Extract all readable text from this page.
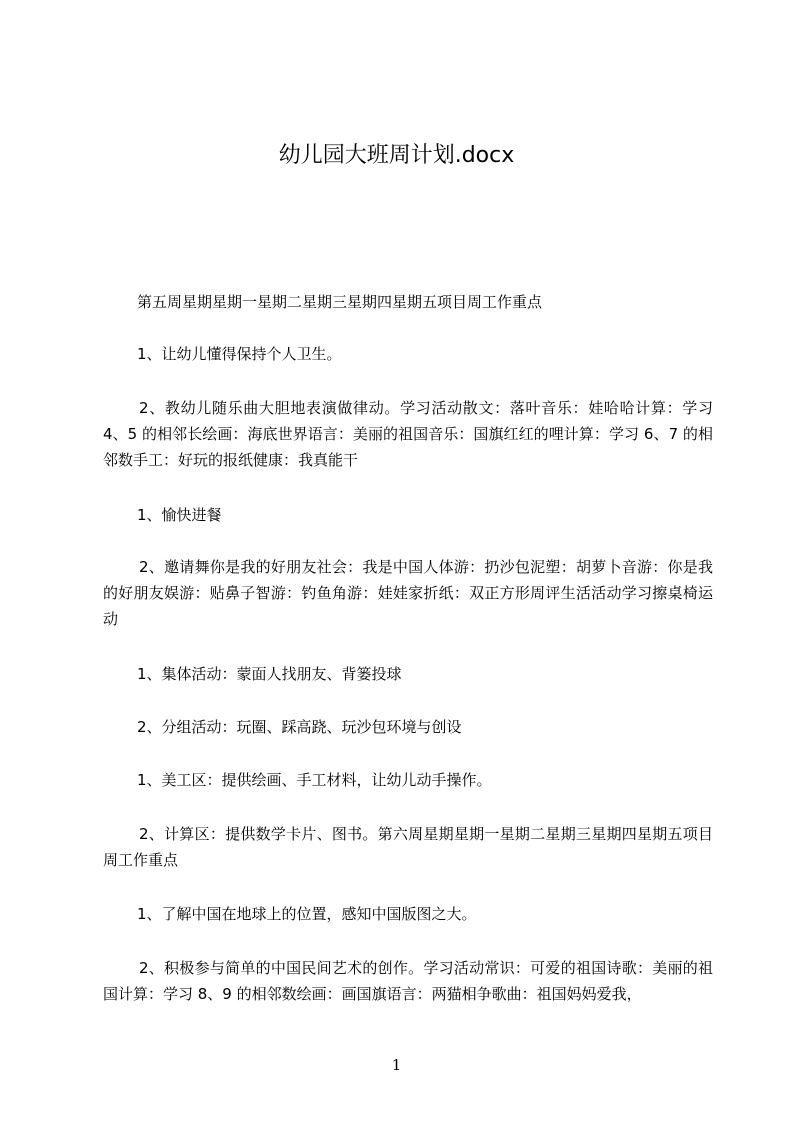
幼儿园大班周计划.docx

第五周星期星期一星期二星期三星期四星期五项目周工作重点

1、让幼儿懂得保持个人卫生。

2、教幼儿随乐曲大胆地表演做律动。学习活动散文：落叶音乐：娃哈哈计算：学习 4、5 的相邻长绘画：海底世界语言：美丽的祖国音乐：国旗红红的哩计算：学习 6、7 的相邻数手工：好玩的报纸健康：我真能干

1、愉快进餐

2、邀请舞你是我的好朋友社会：我是中国人体游：扔沙包泥塑：胡萝卜音游：你是我的好朋友娱游：贴鼻子智游：钓鱼角游：娃娃家折纸：双正方形周评生活活动学习擦桌椅运动

1、集体活动：蒙面人找朋友、背篓投球

2、分组活动：玩圈、踩高跷、玩沙包环境与创设

1、美工区：提供绘画、手工材料，让幼儿动手操作。

2、计算区：提供数学卡片、图书。第六周星期星期一星期二星期三星期四星期五项目周工作重点

1、了解中国在地球上的位置，感知中国版图之大。

2、积极参与简单的中国民间艺术的创作。学习活动常识：可爱的祖国诗歌：美丽的祖国计算：学习 8、9 的相邻数绘画：画国旗语言：两猫相争歌曲：祖国妈妈爱我，

1
